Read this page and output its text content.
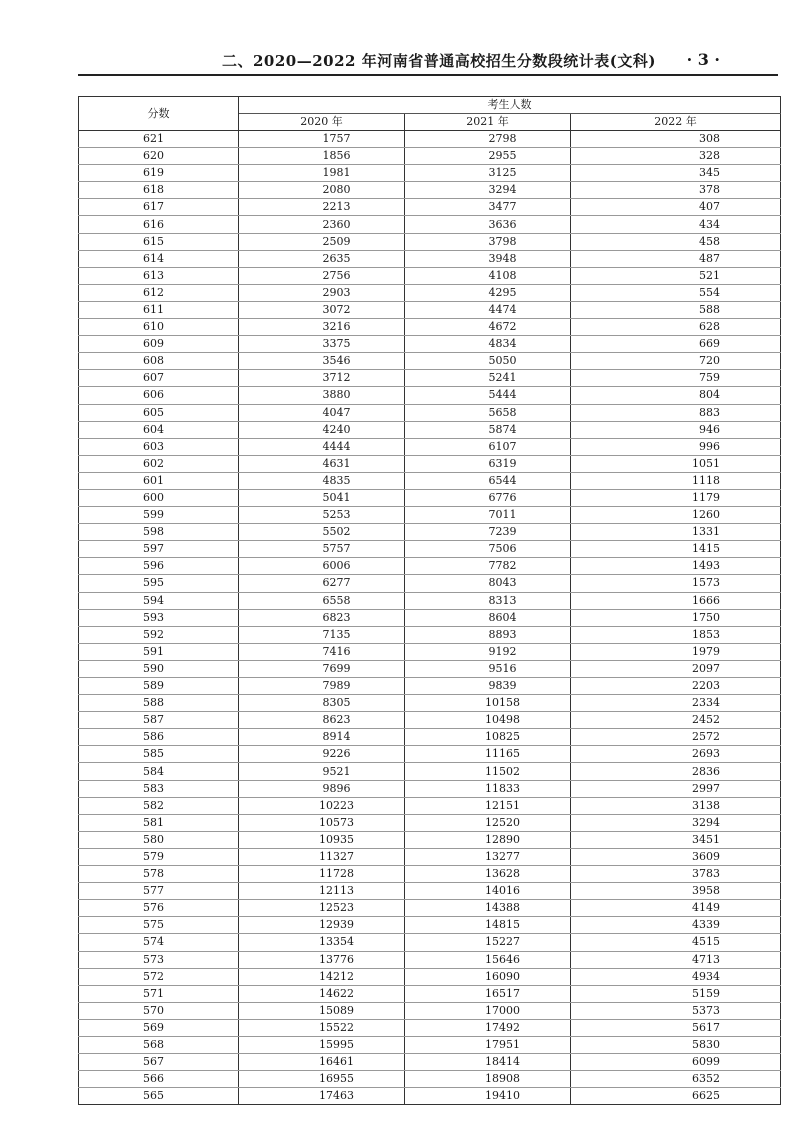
二、2020—2022 年河南省普通高校招生分数段统计表(文科) · 3 ·
分数	考生人数		
	2020 年	2021 年	2022 年
621	1757	2798	308
620	1856	2955	328
619	1981	3125	345
618	2080	3294	378
617	2213	3477	407
616	2360	3636	434
615	2509	3798	458
614	2635	3948	487
613	2756	4108	521
612	2903	4295	554
611	3072	4474	588
610	3216	4672	628
609	3375	4834	669
608	3546	5050	720
607	3712	5241	759
606	3880	5444	804
605	4047	5658	883
604	4240	5874	946
603	4444	6107	996
602	4631	6319	1051
601	4835	6544	1118
600	5041	6776	1179
599	5253	7011	1260
598	5502	7239	1331
597	5757	7506	1415
596	6006	7782	1493
595	6277	8043	1573
594	6558	8313	1666
593	6823	8604	1750
592	7135	8893	1853
591	7416	9192	1979
590	7699	9516	2097
589	7989	9839	2203
588	8305	10158	2334
587	8623	10498	2452
586	8914	10825	2572
585	9226	11165	2693
584	9521	11502	2836
583	9896	11833	2997
582	10223	12151	3138
581	10573	12520	3294
580	10935	12890	3451
579	11327	13277	3609
578	11728	13628	3783
577	12113	14016	3958
576	12523	14388	4149
575	12939	14815	4339
574	13354	15227	4515
573	13776	15646	4713
572	14212	16090	4934
571	14622	16517	5159
570	15089	17000	5373
569	15522	17492	5617
568	15995	17951	5830
567	16461	18414	6099
566	16955	18908	6352
565	17463	19410	6625
